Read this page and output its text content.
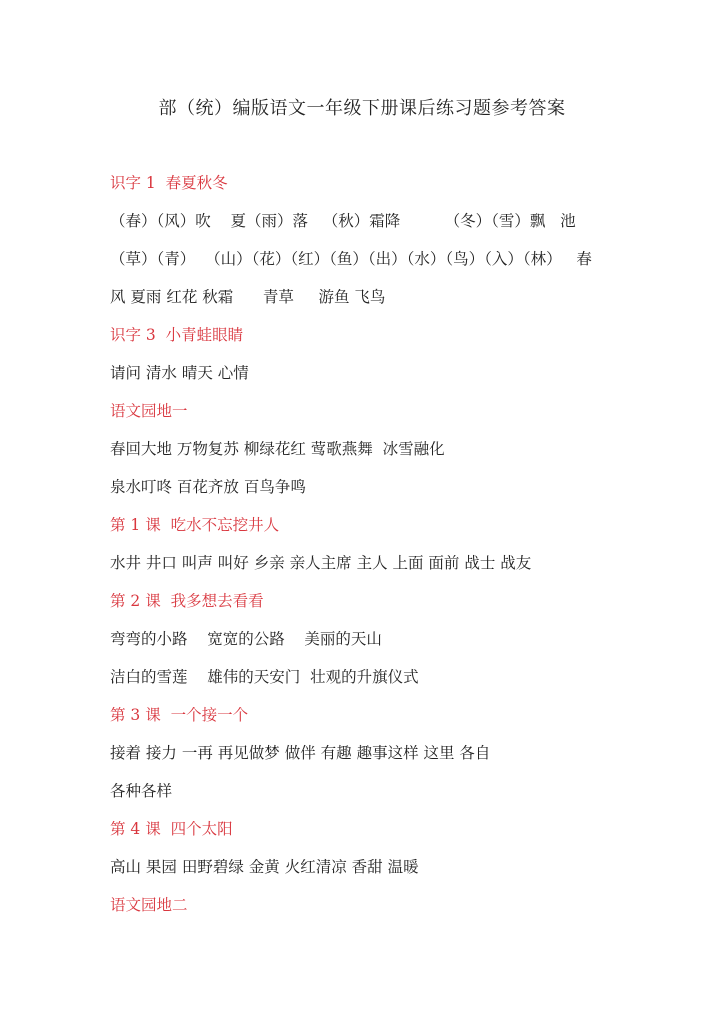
部（统）编版语文一年级下册课后练习题参考答案
识字 1  春夏秋冬
（春）（风）吹    夏（雨）落   （秋）霜降         （冬）（雪）飘   池
（草）（青）  （山）（花）（红）（鱼）（出）（水）（鸟）（入）（林）   春
风 夏雨 红花 秋霜      青草     游鱼 飞鸟
识字 3  小青蛙眼睛
请问 清水 晴天 心情
语文园地一
春回大地 万物复苏 柳绿花红 莺歌燕舞  冰雪融化
泉水叮咚 百花齐放 百鸟争鸣
第 1 课  吃水不忘挖井人
水井 井口 叫声 叫好 乡亲 亲人主席 主人 上面 面前 战士 战友
第 2 课  我多想去看看
弯弯的小路    宽宽的公路    美丽的天山
洁白的雪莲    雄伟的天安门  壮观的升旗仪式
第 3 课  一个接一个
接着 接力 一再 再见做梦 做伴 有趣 趣事这样 这里 各自
各种各样
第 4 课  四个太阳
高山 果园 田野碧绿 金黄 火红清凉 香甜 温暖
语文园地二
